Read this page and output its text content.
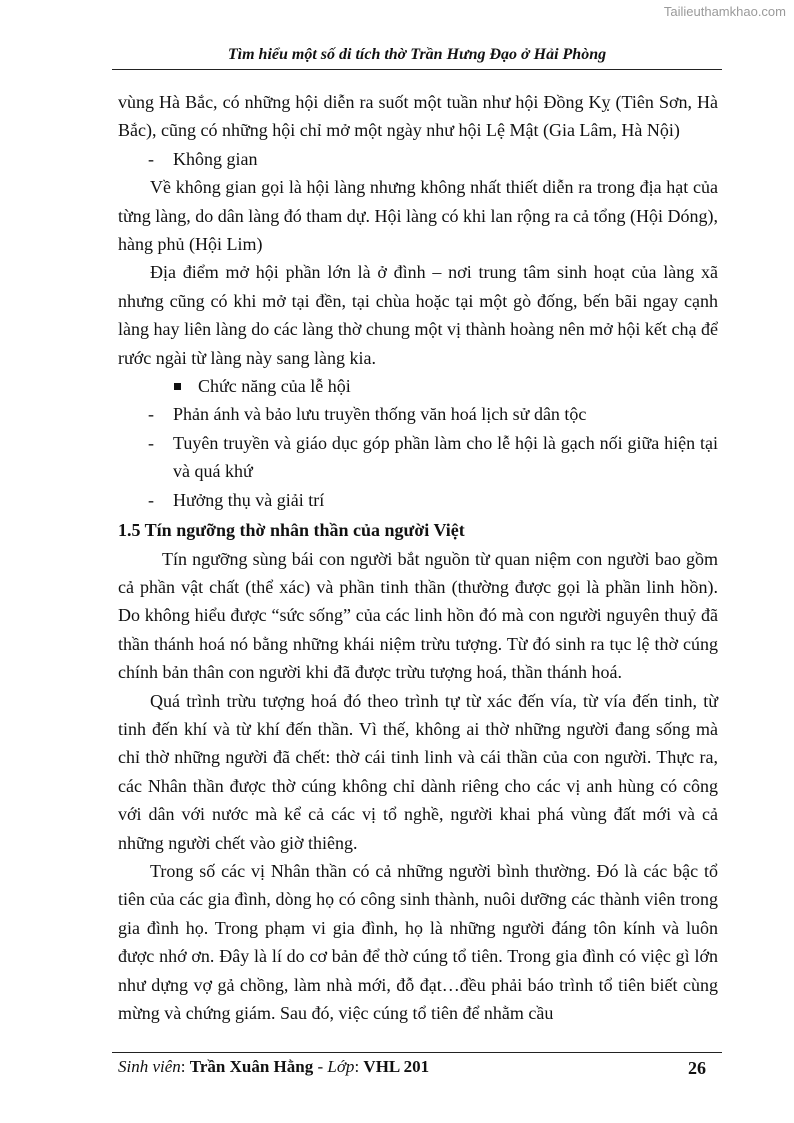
Tailieuthamkhao.com
Tìm hiểu một số di tích thờ Trần Hưng Đạo ở Hải Phòng

vùng Hà Bắc, có những hội diễn ra suốt một tuần như hội Đồng Kỵ (Tiên Sơn, Hà Bắc), cũng có những hội chỉ mở một ngày như hội Lệ Mật (Gia Lâm, Hà Nội)

- Không gian

Về không gian gọi là hội làng nhưng không nhất thiết diễn ra trong địa hạt của từng làng, do dân làng đó tham dự. Hội làng có khi lan rộng ra cả tổng (Hội Dóng), hàng phủ (Hội Lim)

Địa điểm mở hội phần lớn là ở đình – nơi trung tâm sinh hoạt của làng xã nhưng cũng có khi mở tại đền, tại chùa hoặc tại một gò đống, bến bãi ngay cạnh làng hay liên làng do các làng thờ chung một vị thành hoàng nên mở hội kết chạ để rước ngài từ làng này sang làng kia.

Chức năng của lễ hội

- Phản ánh và bảo lưu truyền thống văn hoá lịch sử dân tộc

- Tuyên truyền và giáo dục góp phần làm cho lễ hội là gạch nối giữa hiện tại và quá khứ

- Hưởng thụ và giải trí

1.5 Tín ngưỡng thờ nhân thần của người Việt

Tín ngưỡng sùng bái con người bắt nguồn từ quan niệm con người bao gồm cả phần vật chất (thể xác) và phần tinh thần (thường được gọi là phần linh hồn). Do không hiểu được “sức sống” của các linh hồn đó mà con người nguyên thuỷ đã thần thánh hoá nó bằng những khái niệm trừu tượng. Từ đó sinh ra tục lệ thờ cúng chính bản thân con người khi đã được trừu tượng hoá, thần thánh hoá.

Quá trình trừu tượng hoá đó theo trình tự từ xác đến vía, từ vía đến tinh, từ tinh đến khí và từ khí đến thần. Vì thế, không ai thờ những người đang sống mà chỉ thờ những người đã chết: thờ cái tinh linh và cái thần của con người. Thực ra, các Nhân thần được thờ cúng không chỉ dành riêng cho các vị anh hùng có công với dân với nước mà kể cả các vị tổ nghề, người khai phá vùng đất mới và cả những người chết vào giờ thiêng.

Trong số các vị Nhân thần có cả những người bình thường. Đó là các bậc tổ tiên của các gia đình, dòng họ có công sinh thành, nuôi dưỡng các thành viên trong gia đình họ. Trong phạm vi gia đình, họ là những người đáng tôn kính và luôn được nhớ ơn. Đây là lí do cơ bản để thờ cúng tổ tiên. Trong gia đình có việc gì lớn như dựng vợ gả chồng, làm nhà mới, đỗ đạt…đều phải báo trình tổ tiên biết cùng mừng và chứng giám. Sau đó, việc cúng tổ tiên để nhằm cầu

Sinh viên: Trần Xuân Hằng - Lớp: VHL 201	26
